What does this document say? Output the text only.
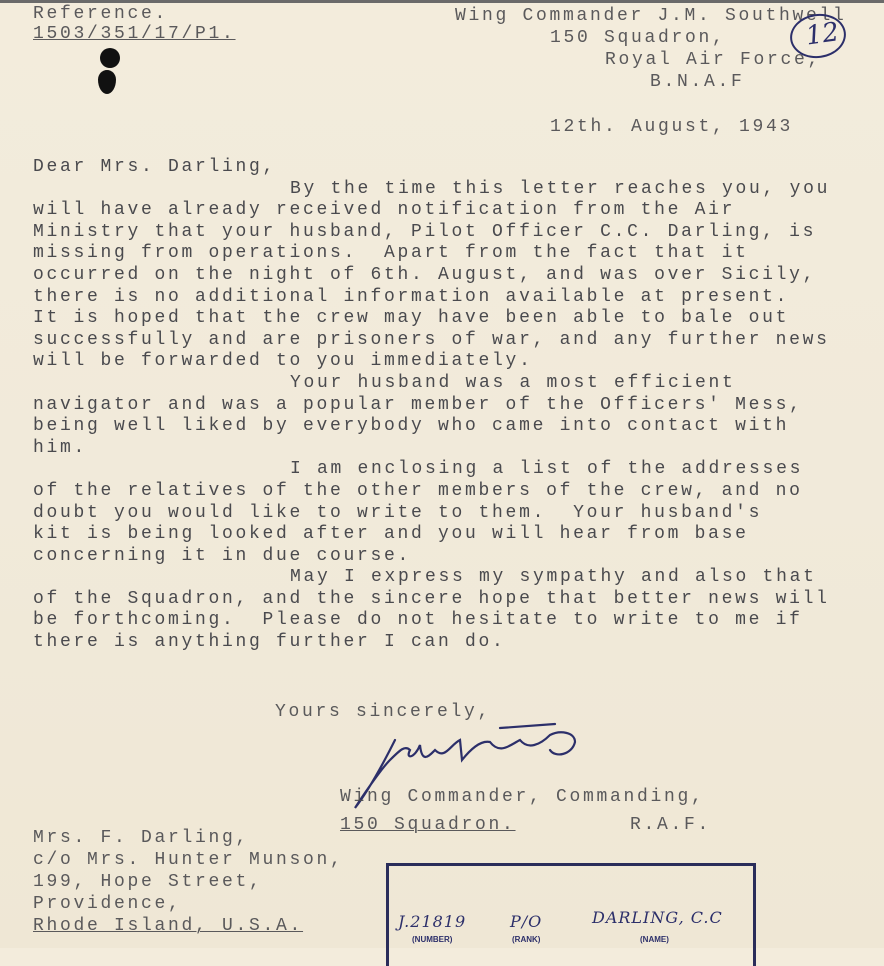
Reference.
1503/351/17/P1.
Wing Commander J.M. Southwell
150 Squadron,
Royal Air Force,
B.N.A.F
12
12th. August, 1943
Dear Mrs. Darling,
By the time this letter reaches you, you
will have already received notification from the Air
Ministry that your husband, Pilot Officer C.C. Darling, is
missing from operations.  Apart from the fact that it
occurred on the night of 6th. August, and was over Sicily,
there is no additional information available at present.
It is hoped that the crew may have been able to bale out
successfully and are prisoners of war, and any further news
will be forwarded to you immediately.
Your husband was a most efficient
navigator and was a popular member of the Officers' Mess,
being well liked by everybody who came into contact with
him.
I am enclosing a list of the addresses
of the relatives of the other members of the crew, and no
doubt you would like to write to them.  Your husband's
kit is being looked after and you will hear from base
concerning it in due course.
May I express my sympathy and also that
of the Squadron, and the sincere hope that better news will
be forthcoming.  Please do not hesitate to write to me if
there is anything further I can do.
Yours sincerely,
Wing Commander, Commanding,
150 Squadron.	R.A.F.
Mrs. F. Darling,
c/o Mrs. Hunter Munson,
199, Hope Street,
Providence,
Rhode Island, U.S.A.	J.21819	P/O	DARLING, C.C
(NUMBER)	(RANK)	(NAME)
